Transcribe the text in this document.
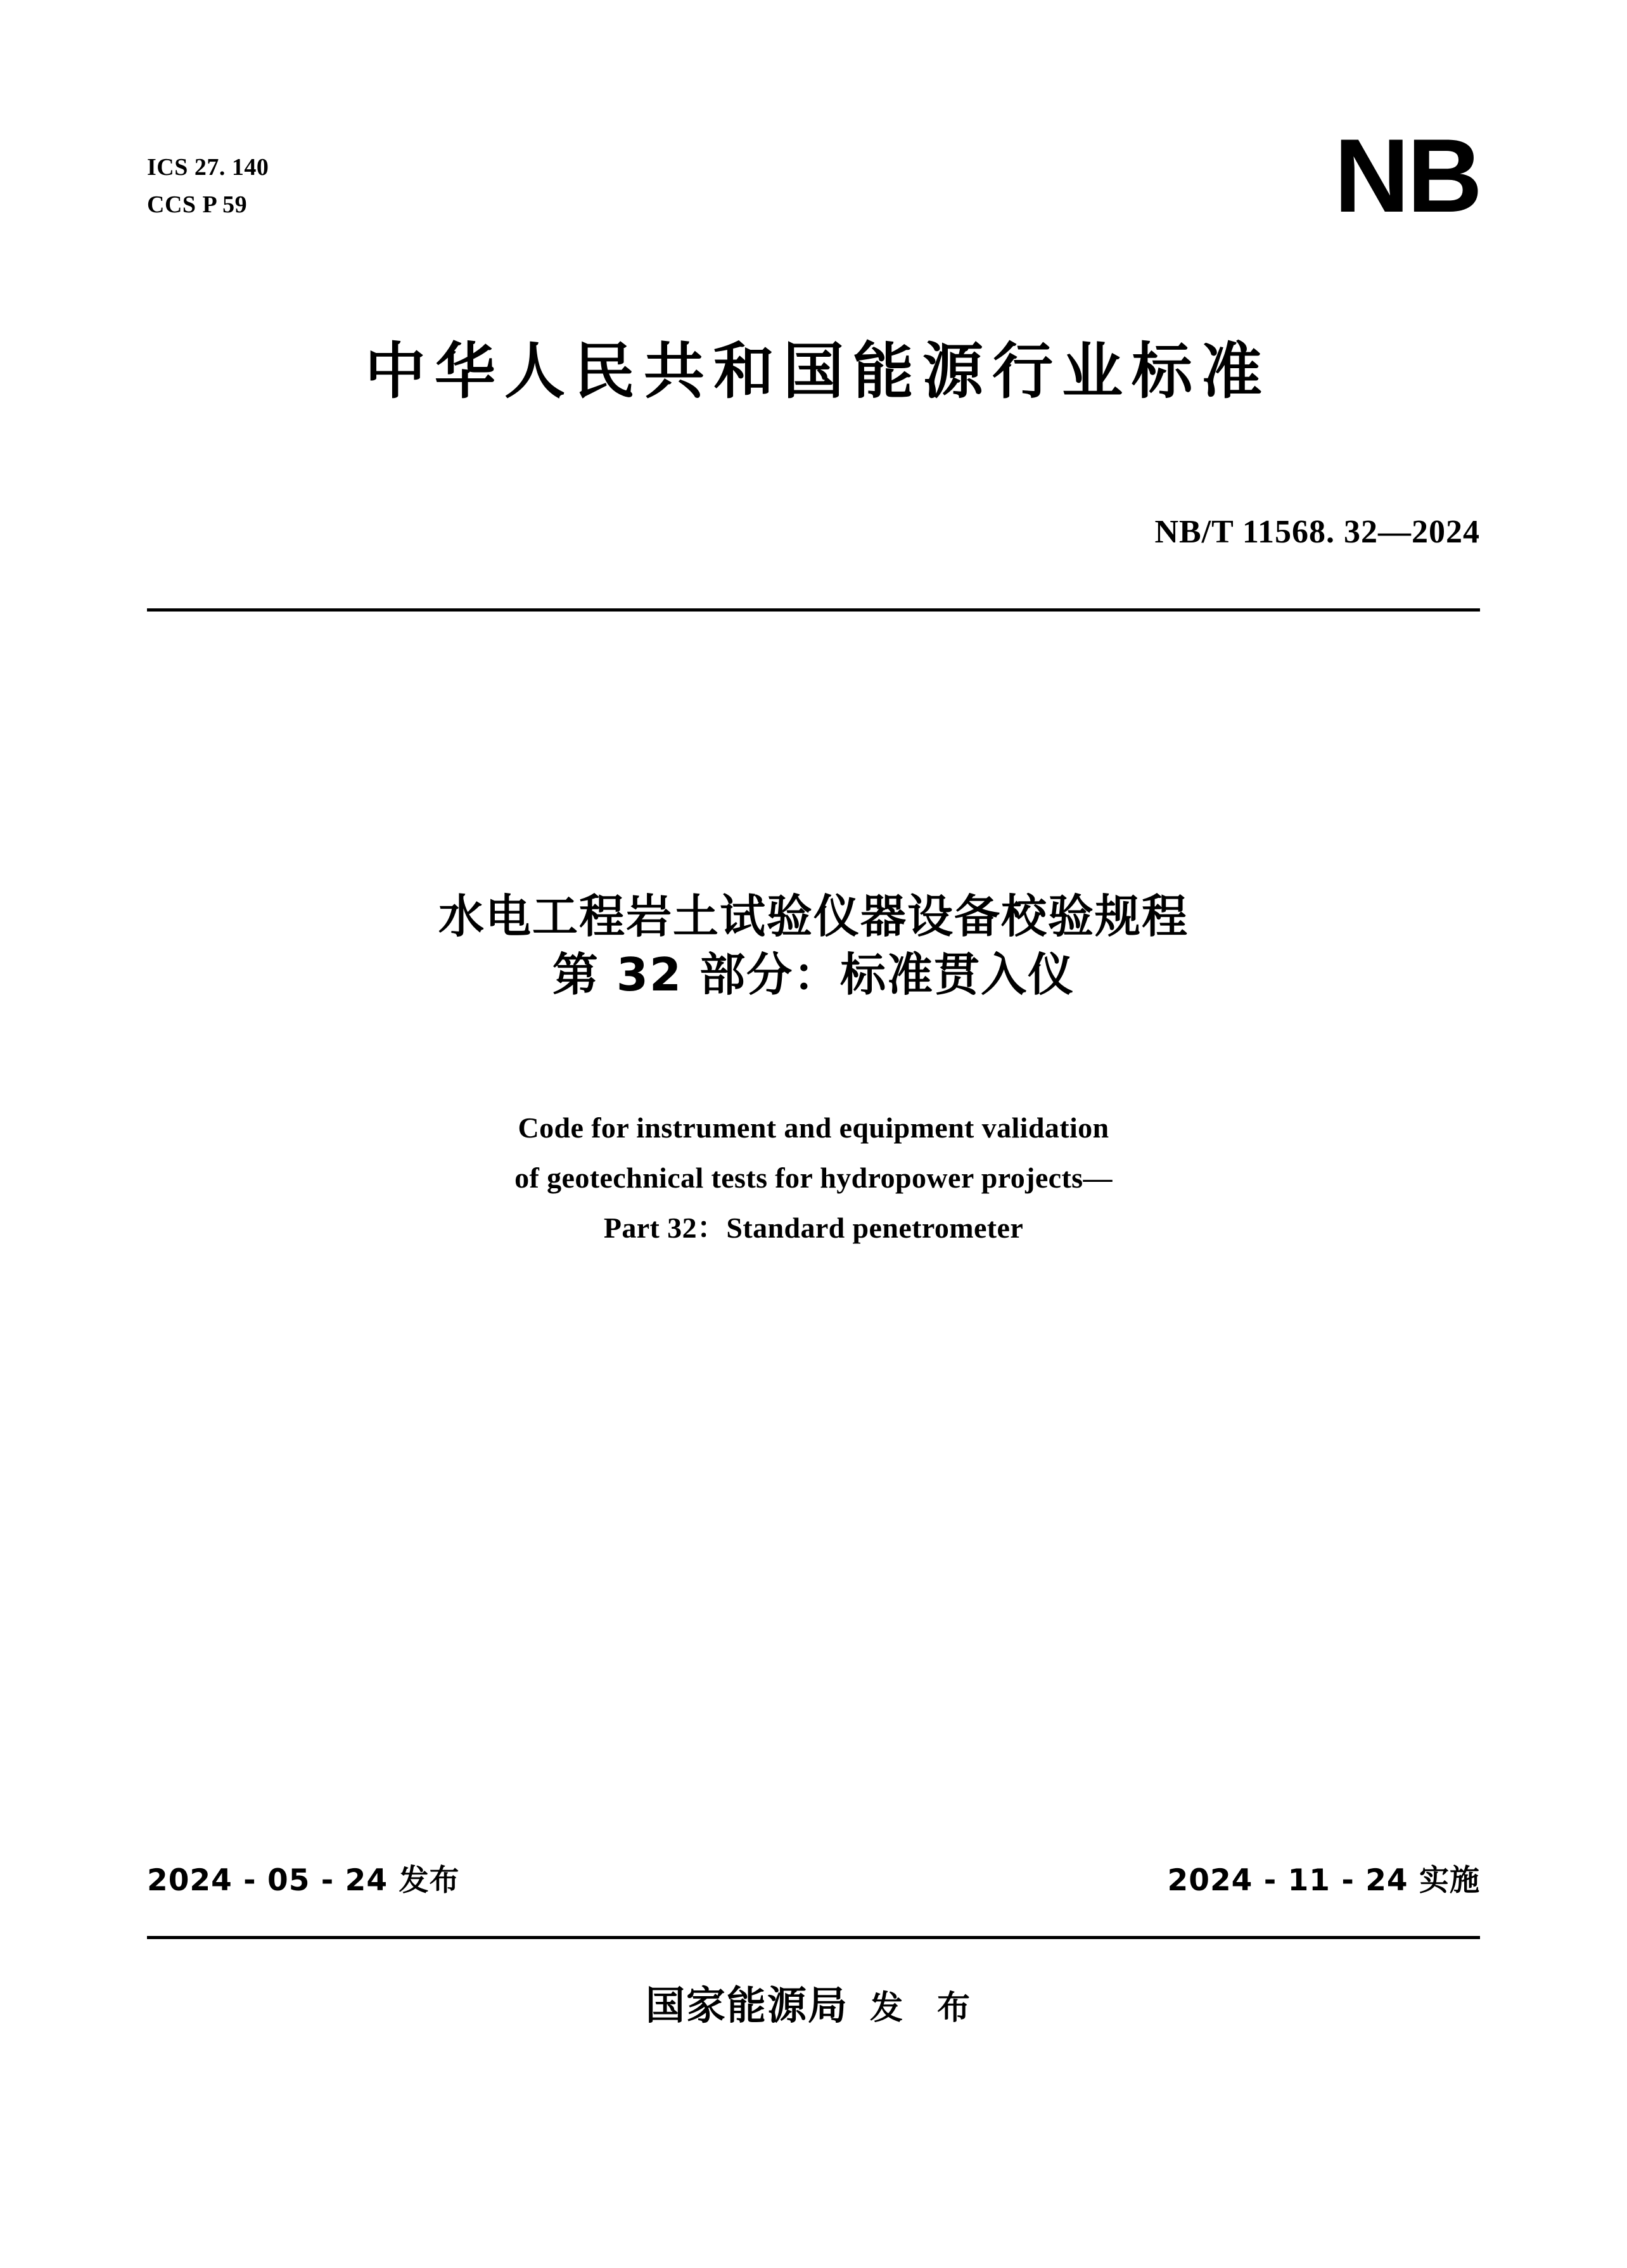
ICS 27. 140
CCS P 59	NB
中华人民共和国能源行业标准
NB/T 11568. 32—2024
水电工程岩土试验仪器设备校验规程
第 32 部分：标准贯入仪
Code for instrument and equipment validation
of geotechnical tests for hydropower projects—
Part 32：Standard penetrometer
2024 - 05 - 24 发布	2024 - 11 - 24 实施
国家能源局 发 布
